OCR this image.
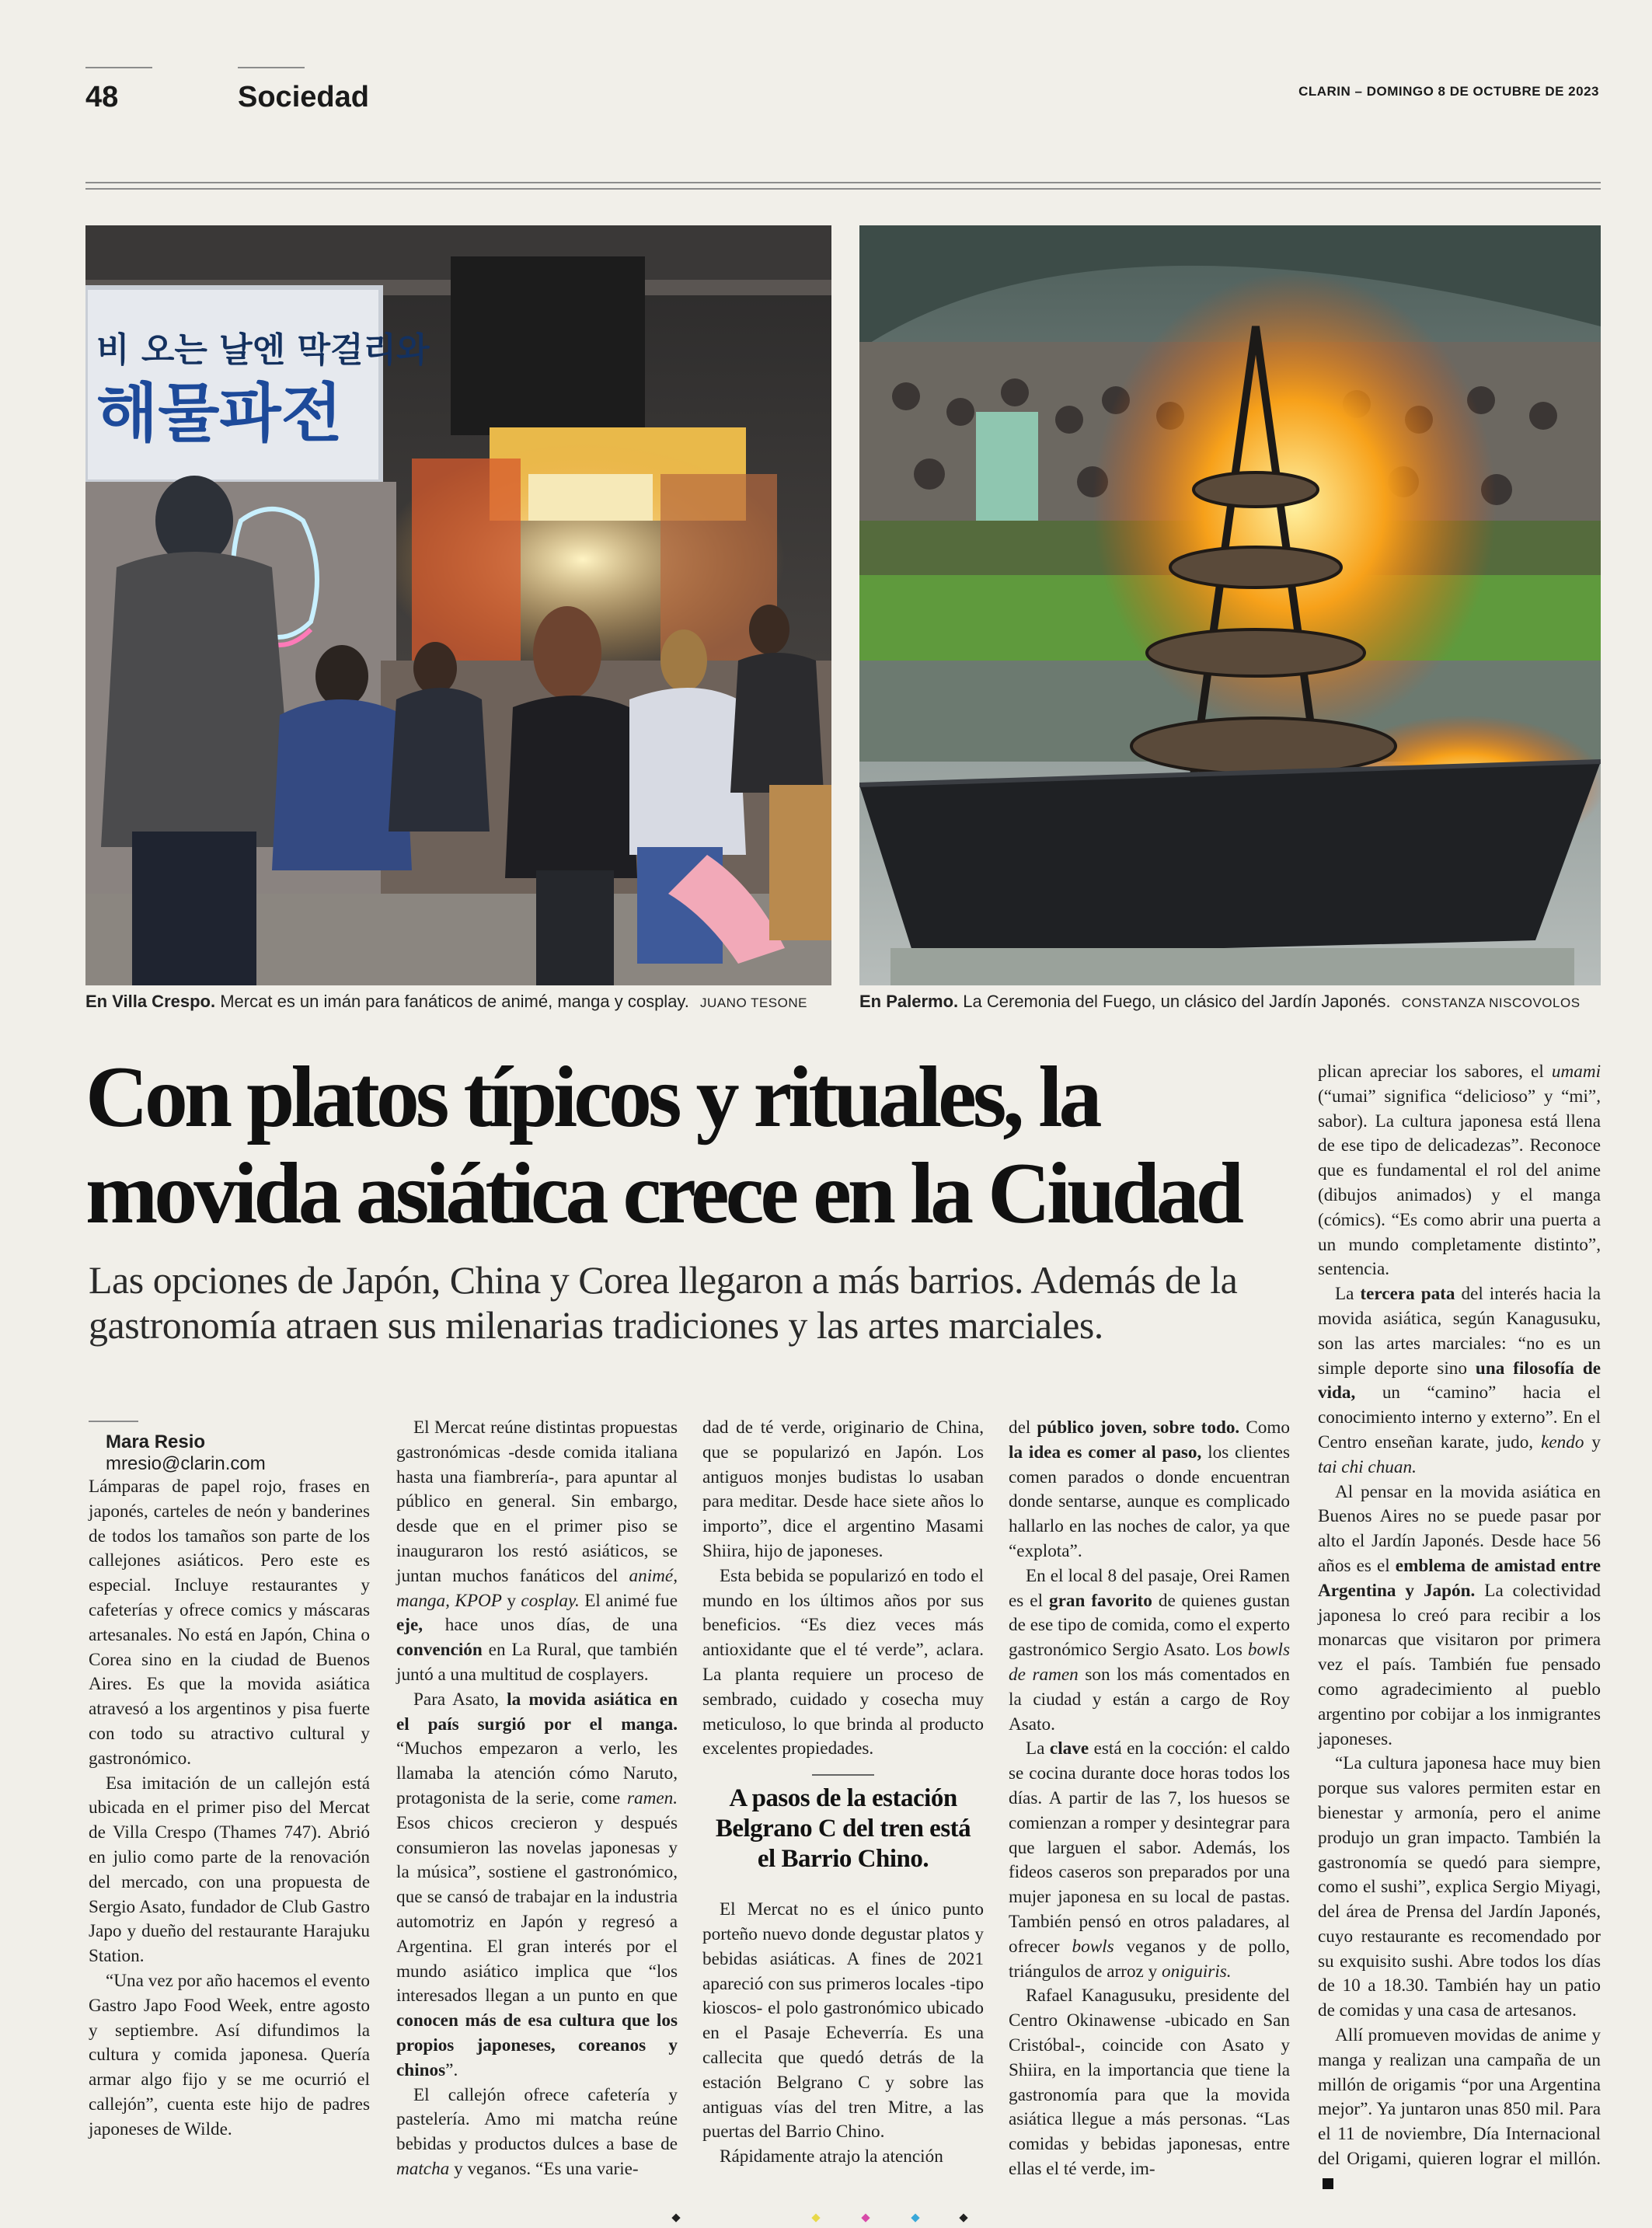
48	Sociedad	CLARIN – DOMINGO 8 DE OCTUBRE DE 2023
비 오는 날엔 막걸리와
해물파전
En Villa Crespo. Mercat es un imán para fanáticos de animé, manga y cosplay. JUANO TESONE	En Palermo. La Ceremonia del Fuego, un clásico del Jardín Japonés. CONSTANZA NISCOVOLOS
Con platos típicos y rituales, la
movida asiática crece en la Ciudad
Las opciones de Japón, China y Corea llegaron a más barrios. Además de la gastronomía atraen sus milenarias tradiciones y las artes marciales.

Mara Resio

mresio@clarin.com

Lámparas de papel rojo, frases en japonés, carteles de neón y banderines de todos los tamaños son parte de los callejones asiáticos. Pero este es especial. Incluye restaurantes y cafeterías y ofrece comics y máscaras artesanales. No está en Japón, China o Corea sino en la ciudad de Buenos Aires. Es que la movida asiática atravesó a los argentinos y pisa fuerte con todo su atractivo cultural y gastronómico.

Esa imitación de un callejón está ubicada en el primer piso del Mercat de Villa Crespo (Thames 747). Abrió en julio como parte de la renovación del mercado, con una propuesta de Sergio Asato, fundador de Club Gastro Japo y dueño del restaurante Harajuku Station.

“Una vez por año hacemos el evento Gastro Japo Food Week, entre agosto y septiembre. Así difundimos la cultura y comida japonesa. Quería armar algo fijo y se me ocurrió el callejón”, cuenta este hijo de padres japoneses de Wilde.

El Mercat reúne distintas propuestas gastronómicas -desde comida italiana hasta una fiambrería-, para apuntar al público en general. Sin embargo, desde que en el primer piso se inauguraron los restó asiáticos, se juntan muchos fanáticos del animé, manga, KPOP y cosplay. El animé fue eje, hace unos días, de una convención en La Rural, que también juntó a una multitud de cosplayers.

Para Asato, la movida asiática en el país surgió por el manga. “Muchos empezaron a verlo, les llamaba la atención cómo Naruto, protagonista de la serie, come ramen. Esos chicos crecieron y después consumieron las novelas japonesas y la música”, sostiene el gastronómico, que se cansó de trabajar en la industria automotriz en Japón y regresó a Argentina. El gran interés por el mundo asiático implica que “los interesados llegan a un punto en que conocen más de esa cultura que los propios japoneses, coreanos y chinos”.

El callejón ofrece cafetería y pastelería. Amo mi matcha reúne bebidas y productos dulces a base de matcha y veganos. “Es una varie-

dad de té verde, originario de China, que se popularizó en Japón. Los antiguos monjes budistas lo usaban para meditar. Desde hace siete años lo importo”, dice el argentino Masami Shiira, hijo de japoneses.

Esta bebida se popularizó en todo el mundo en los últimos años por sus beneficios. “Es diez veces más antioxidante que el té verde”, aclara. La planta requiere un proceso de sembrado, cuidado y cosecha muy meticuloso, lo que brinda al producto excelentes propiedades.

A pasos de la estación Belgrano C del tren está el Barrio Chino.

El Mercat no es el único punto porteño nuevo donde degustar platos y bebidas asiáticas. A fines de 2021 apareció con sus primeros locales -tipo kioscos- el polo gastronómico ubicado en el Pasaje Echeverría. Es una callecita que quedó detrás de la estación Belgrano C y sobre las antiguas vías del tren Mitre, a las puertas del Barrio Chino.

Rápidamente atrajo la atención

del público joven, sobre todo. Como la idea es comer al paso, los clientes comen parados o donde encuentran donde sentarse, aunque es complicado hallarlo en las noches de calor, ya que “explota”.

En el local 8 del pasaje, Orei Ramen es el gran favorito de quienes gustan de ese tipo de comida, como el experto gastronómico Sergio Asato. Los bowls de ramen son los más comentados en la ciudad y están a cargo de Roy Asato.

La clave está en la cocción: el caldo se cocina durante doce horas todos los días. A partir de las 7, los huesos se comienzan a romper y desintegrar para que larguen el sabor. Además, los fideos caseros son preparados por una mujer japonesa en su local de pastas. También pensó en otros paladares, al ofrecer bowls veganos y de pollo, triángulos de arroz y oniguiris.

Rafael Kanagusuku, presidente del Centro Okinawense -ubicado en San Cristóbal-, coincide con Asato y Shiira, en la importancia que tiene la gastronomía para que la movida asiática llegue a más personas. “Las comidas y bebidas japonesas, entre ellas el té verde, im-

plican apreciar los sabores, el umami (“umai” significa “delicioso” y “mi”, sabor). La cultura japonesa está llena de ese tipo de delicadezas”. Reconoce que es fundamental el rol del anime (dibujos animados) y el manga (cómics). “Es como abrir una puerta a un mundo completamente distinto”, sentencia.

La tercera pata del interés hacia la movida asiática, según Kanagusuku, son las artes marciales: “no es un simple deporte sino una filosofía de vida, un “camino” hacia el conocimiento interno y externo”. En el Centro enseñan karate, judo, kendo y tai chi chuan.

Al pensar en la movida asiática en Buenos Aires no se puede pasar por alto el Jardín Japonés. Desde hace 56 años es el emblema de amistad entre Argentina y Japón. La colectividad japonesa lo creó para recibir a los monarcas que visitaron por primera vez el país. También fue pensado como agradecimiento al pueblo argentino por cobijar a los inmigrantes japoneses.

“La cultura japonesa hace muy bien porque sus valores permiten estar en bienestar y armonía, pero el anime produjo un gran impacto. También la gastronomía se quedó para siempre, como el sushi”, explica Sergio Miyagi, del área de Prensa del Jardín Japonés, cuyo restaurante es recomendado por su exquisito sushi. Abre todos los días de 10 a 18.30. También hay un patio de comidas y una casa de artesanos.

Allí promueven movidas de anime y manga y realizan una campaña de un millón de origamis “por una Argentina mejor”. Ya juntaron unas 850 mil. Para el 11 de noviembre, Día Internacional del Origami, quieren lograr el millón.
